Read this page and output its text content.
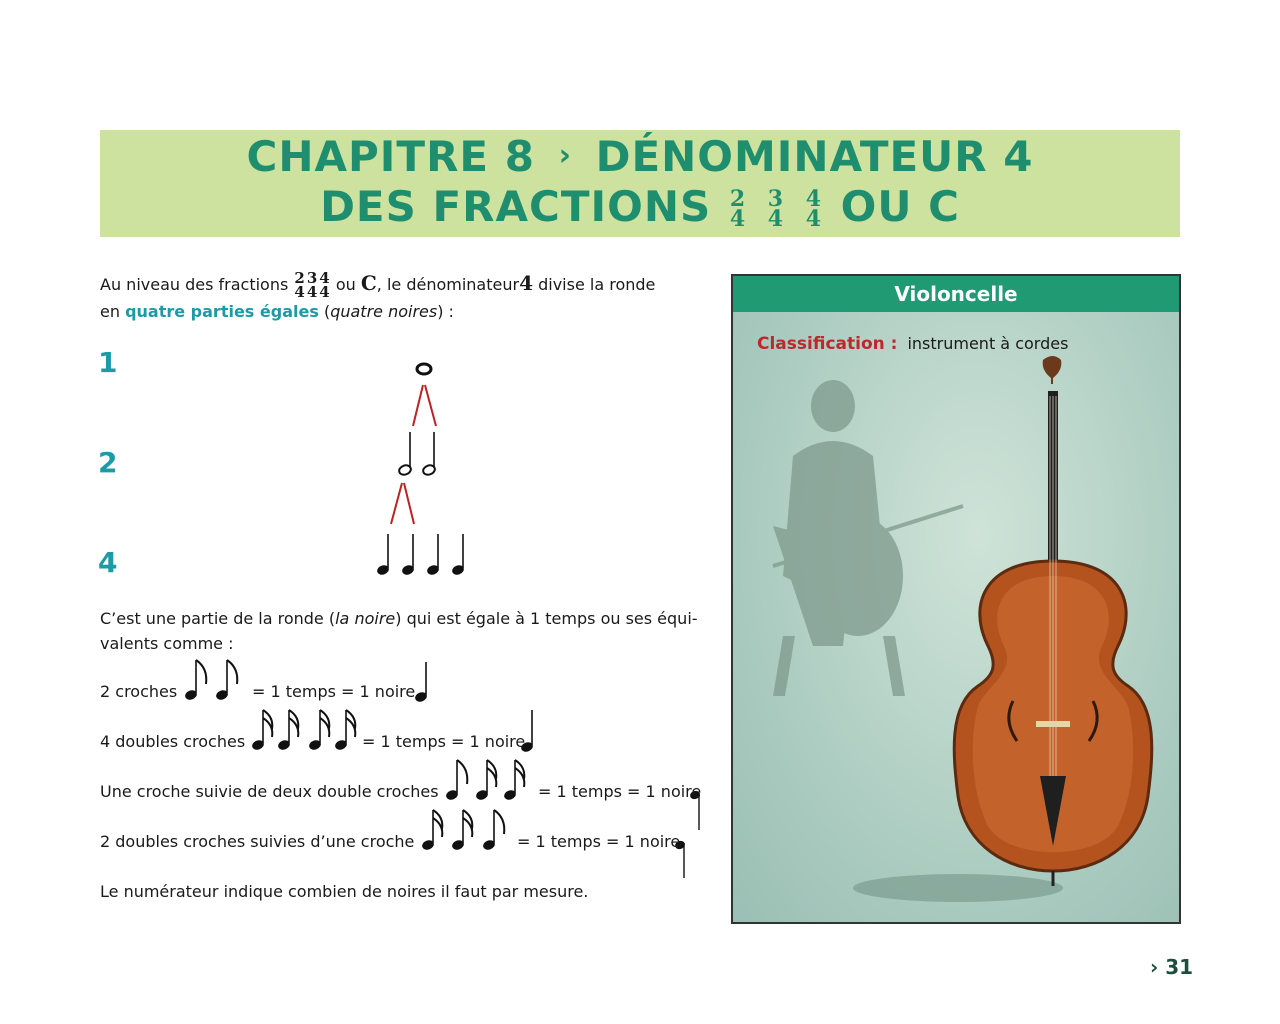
CHAPITRE 8 › DÉNOMINATEUR 4
DES FRACTIONS 2
4

3
4

4
4 OU C
Au niveau des fractions 2
4
3
4
4
4 ou C, le dénominateur4 divise la ronde
en quatre parties égales (quatre noires) :
1
2
4
C’est une partie de la ronde (la noire) qui est égale à 1 temps ou ses équi-valents comme :
2 croches	= 1 temps = 1 noire
4 doubles croches	= 1 temps = 1 noire
Une croche suivie de deux double croches	= 1 temps = 1 noire
2 doubles croches suivies d’une croche	= 1 temps = 1 noire
Le numérateur indique combien de noires il faut par mesure.
Violoncelle
Classification : instrument à cordes
› 31
